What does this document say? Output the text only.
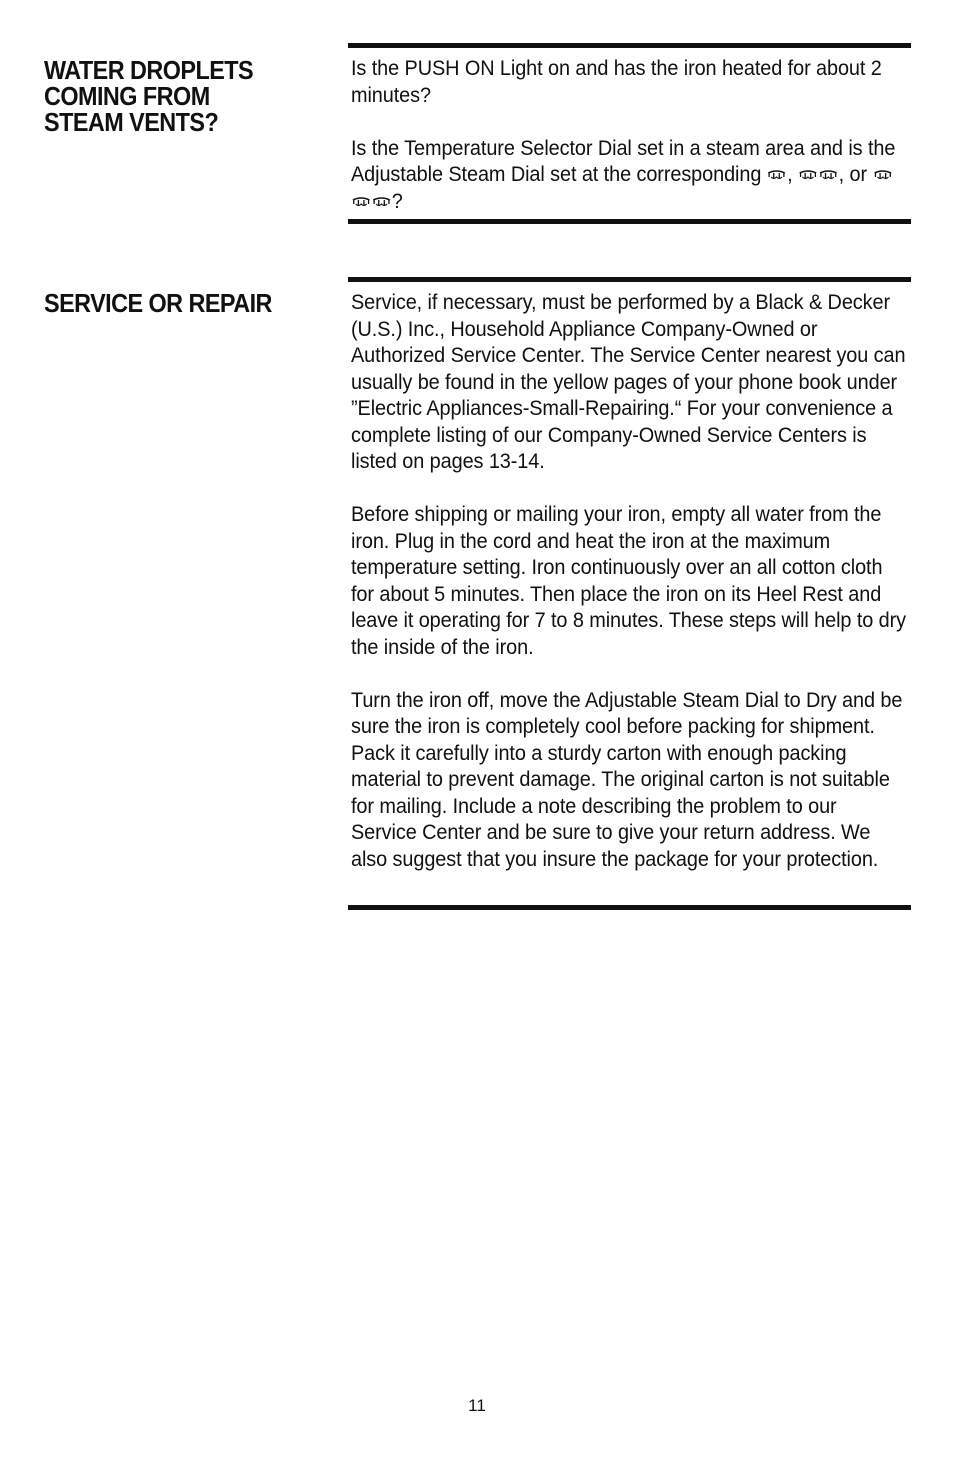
WATER DROPLETS
COMING FROM
STEAM VENTS?

Is the PUSH ON Light on and has the iron heated for about 2 minutes?

Is the Temperature Selector Dial set in a steam area and is the Adjustable Steam Dial set at the corresponding , , or
?

SERVICE OR REPAIR	Service, if necessary, must be performed by a Black & Decker (U.S.) Inc., Household Appliance Company-Owned or Authorized Service Center. The Service Center nearest you can usually be found in the yellow pages of your phone book under ”Electric Appliances-Small-Repairing.“ For your convenience a complete listing of our Company-Owned Service Centers is listed on pages 13-14.

Before shipping or mailing your iron, empty all water from the iron. Plug in the cord and heat the iron at the maximum temperature setting. Iron continuously over an all cotton cloth for about 5 minutes. Then place the iron on its Heel Rest and leave it operating for 7 to 8 minutes. These steps will help to dry the inside of the iron.

Turn the iron off, move the Adjustable Steam Dial to Dry and be sure the iron is completely cool before packing for shipment. Pack it carefully into a sturdy carton with enough packing material to prevent damage. The original carton is not suitable for mailing. Include a note describing the problem to our Service Center and be sure to give your return address. We also suggest that you insure the package for your protection.

11
